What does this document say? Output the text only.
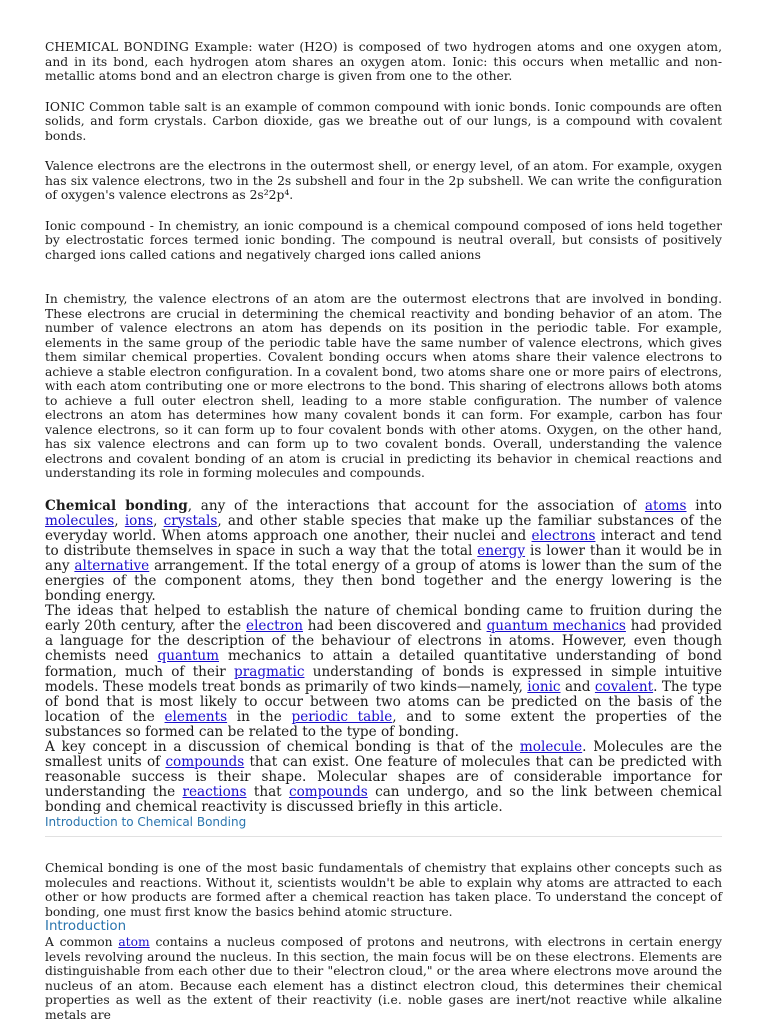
CHEMICAL BONDING Example: water (H2O) is composed of two hydrogen atoms and one oxygen atom, and in its bond, each hydrogen atom shares an oxygen atom. Ionic: this occurs when metallic and non-metallic atoms bond and an electron charge is given from one to the other.

IONIC Common table salt is an example of common compound with ionic bonds. Ionic compounds are often solids, and form crystals. Carbon dioxide, gas we breathe out of our lungs, is a compound with covalent bonds.

Valence electrons are the electrons in the outermost shell, or energy level, of an atom. For example, oxygen has six valence electrons, two in the 2s subshell and four in the 2p subshell. We can write the configuration of oxygen's valence electrons as 2s²2p⁴.

Ionic compound - In chemistry, an ionic compound is a chemical compound composed of ions held together by electrostatic forces termed ionic bonding. The compound is neutral overall, but consists of positively charged ions called cations and negatively charged ions called anions

In chemistry, the valence electrons of an atom are the outermost electrons that are involved in bonding. These electrons are crucial in determining the chemical reactivity and bonding behavior of an atom. The number of valence electrons an atom has depends on its position in the periodic table. For example, elements in the same group of the periodic table have the same number of valence electrons, which gives them similar chemical properties. Covalent bonding occurs when atoms share their valence electrons to achieve a stable electron configuration. In a covalent bond, two atoms share one or more pairs of electrons, with each atom contributing one or more electrons to the bond. This sharing of electrons allows both atoms to achieve a full outer electron shell, leading to a more stable configuration. The number of valence electrons an atom has determines how many covalent bonds it can form. For example, carbon has four valence electrons, so it can form up to four covalent bonds with other atoms. Oxygen, on the other hand, has six valence electrons and can form up to two covalent bonds. Overall, understanding the valence electrons and covalent bonding of an atom is crucial in predicting its behavior in chemical reactions and understanding its role in forming molecules and compounds.

Chemical bonding, any of the interactions that account for the association of atoms into molecules, ions, crystals, and other stable species that make up the familiar substances of the everyday world. When atoms approach one another, their nuclei and electrons interact and tend to distribute themselves in space in such a way that the total energy is lower than it would be in any alternative arrangement. If the total energy of a group of atoms is lower than the sum of the energies of the component atoms, they then bond together and the energy lowering is the bonding energy.

The ideas that helped to establish the nature of chemical bonding came to fruition during the early 20th century, after the electron had been discovered and quantum mechanics had provided a language for the description of the behaviour of electrons in atoms. However, even though chemists need quantum mechanics to attain a detailed quantitative understanding of bond formation, much of their pragmatic understanding of bonds is expressed in simple intuitive models. These models treat bonds as primarily of two kinds—namely, ionic and covalent. The type of bond that is most likely to occur between two atoms can be predicted on the basis of the location of the elements in the periodic table, and to some extent the properties of the substances so formed can be related to the type of bonding.

A key concept in a discussion of chemical bonding is that of the molecule. Molecules are the smallest units of compounds that can exist. One feature of molecules that can be predicted with reasonable success is their shape. Molecular shapes are of considerable importance for understanding the reactions that compounds can undergo, and so the link between chemical bonding and chemical reactivity is discussed briefly in this article.

Introduction to Chemical Bonding

Chemical bonding is one of the most basic fundamentals of chemistry that explains other concepts such as molecules and reactions. Without it, scientists wouldn't be able to explain why atoms are attracted to each other or how products are formed after a chemical reaction has taken place. To understand the concept of bonding, one must first know the basics behind atomic structure.

Introduction

A common atom contains a nucleus composed of protons and neutrons, with electrons in certain energy levels revolving around the nucleus. In this section, the main focus will be on these electrons. Elements are distinguishable from each other due to their "electron cloud," or the area where electrons move around the nucleus of an atom. Because each element has a distinct electron cloud, this determines their chemical properties as well as the extent of their reactivity (i.e. noble gases are inert/not reactive while alkaline metals are
